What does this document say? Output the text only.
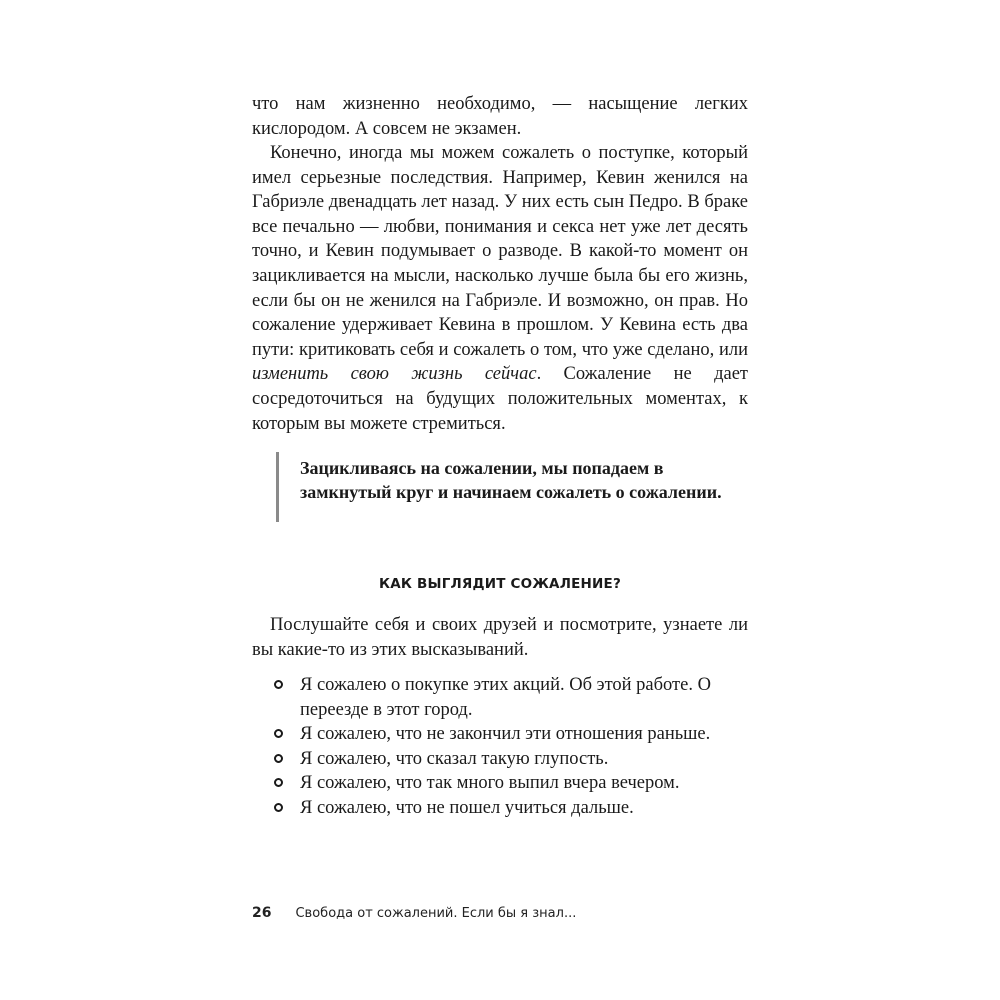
что нам жизненно необходимо, — насыщение легких кислородом. А совсем не экзамен.

Конечно, иногда мы можем сожалеть о поступке, который имел серьезные последствия. Например, Кевин женился на Габриэле двенадцать лет назад. У них есть сын Педро. В браке все печально — любви, понимания и секса нет уже лет десять точно, и Кевин подумывает о разводе. В какой-то момент он зацикливается на мысли, насколько лучше была бы его жизнь, если бы он не женился на Габриэле. И возможно, он прав. Но сожаление удерживает Кевина в прошлом. У Кевина есть два пути: критиковать себя и сожалеть о том, что уже сделано, или изменить свою жизнь сейчас. Сожаление не дает сосредоточиться на будущих положительных моментах, к которым вы можете стремиться.

Зацикливаясь на сожалении, мы попадаем в замкнутый круг и начинаем сожалеть о сожалении.
КАК ВЫГЛЯДИТ СОЖАЛЕНИЕ?

Послушайте себя и своих друзей и посмотрите, узнаете ли вы какие-то из этих высказываний.

Я сожалею о покупке этих акций. Об этой работе. О переезде в этот город.
Я сожалею, что не закончил эти отношения раньше.
Я сожалею, что сказал такую глупость.
Я сожалею, что так много выпил вчера вечером.
Я сожалею, что не пошел учиться дальше.
26 Свобода от сожалений. Если бы я знал...
